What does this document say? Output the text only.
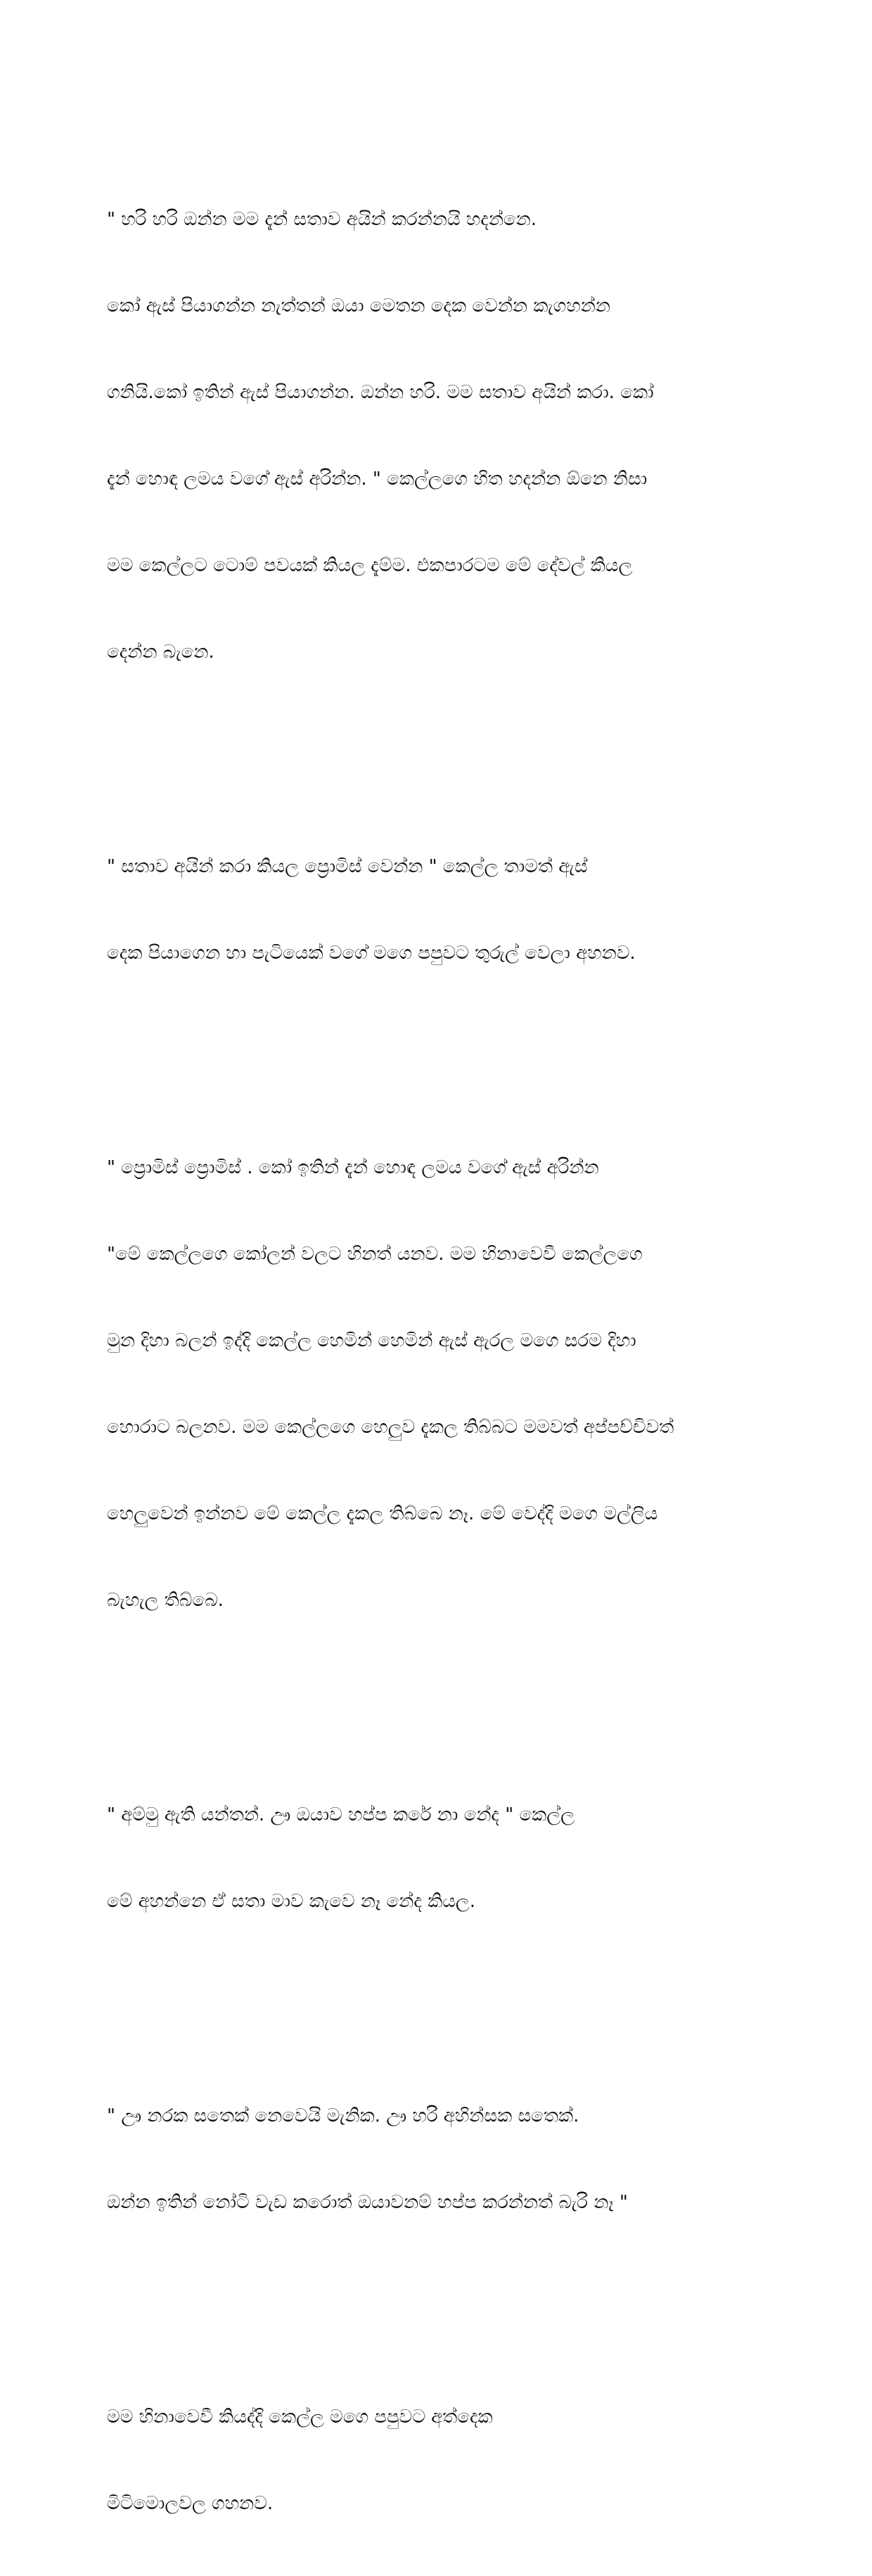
" හරි හරි ඔන්න මම දැන් සතාව අයින් කරන්නයි හදන්නෙ.

කෝ ඇස් පියාගන්න නැත්තන් ඔයා මෙතන දෙක වෙන්න කැගහන්න

ගනියි.කෝ ඉතින් ඇස් පියාගන්න. ඔන්න හරි. මම සතාව අයින් කරා. කෝ

දැන් හොඳ ලමය වගේ ඇස් අරින්න. " කෙල්ලගෙ හිත හදන්න ඕනෙ නිසා

මම කෙල්ලට ටොම් පවයක් කියල දැම්ම. එකපාරටම මේ දේවල් කියල

දෙන්න බැනෙ.

" සතාව අයින් කරා කියල ප්‍රොමිස් වෙන්න " කෙල්ල තාමත් ඇස්

දෙක පියාගෙන හා පැටියෙක් වගේ මගෙ පපුවට තුරුල් වෙලා අහනව.

" ප්‍රොමිස් ප්‍රොමිස් . කෝ ඉතින් දැන් හොඳ ලමය වගේ ඇස් අරින්න

"මේ කෙල්ලගෙ කෝලන් වලට හිනත් යනව. මම හිනාවෙවී කෙල්ලගෙ

මුන දිහා බලන් ඉද්දි කෙල්ල හෙමින් හෙමින් ඇස් ඇරල මගෙ සරම දිහා

හොරාට බලනව. මම කෙල්ලගෙ හෙලුව දැකල තිබ්බට මමවත් අප්පච්චිවත්

හෙලුවෙන් ඉන්නව මේ කෙල්ල දැකල තිබ්බෙ නෑ. මේ වෙද්දි මගෙ මල්ලිය

බැහැල තිබ්බෙ.

" අම්මු ඇති යන්තන්. ඌ ඔයාව හප්ප කරේ නා නේද " කෙල්ල

මේ අහන්නෙ ඒ සතා මාව කැවෙ නෑ නේද කියල.

" ඌ නරක සතෙක් නෙවෙයි මැනික. ඌ හරි අහින්සක සතෙක්.

ඔන්න ඉතින් නෝටි වැඩ කරොත් ඔයාවනම් හප්ප කරන්නත් බැරි නෑ "

මම හිනාවෙවී කියද්දි කෙල්ල මගෙ පපුවට අත්දෙක

මිටිමොලවල ගහනව.
